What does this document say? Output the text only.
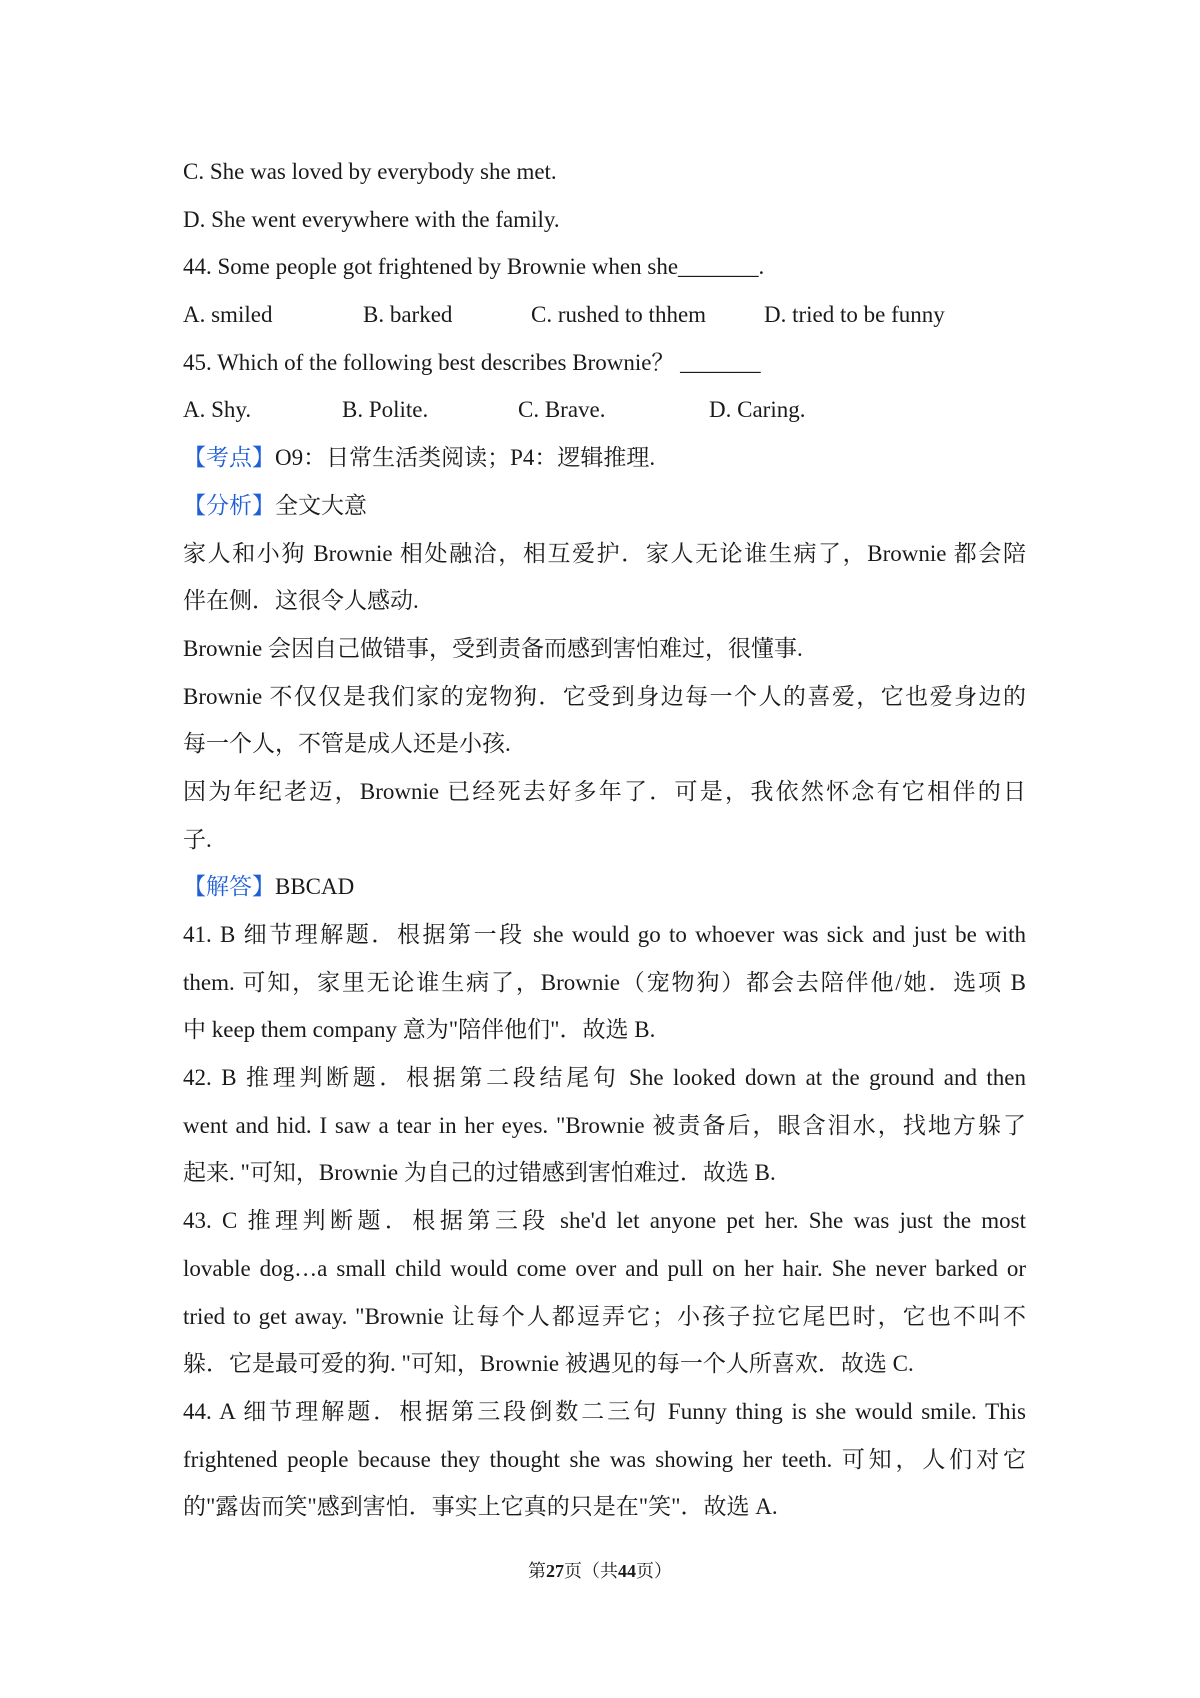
C. She was loved by everybody she met.
D. She went everywhere with the family.
44. Some people got frightened by Brownie when she_______.
A. smiled	B. barked	C. rushed to thhem	D. tried to be funny
45. Which of the following best describes Brownie？ _______
A. Shy.	B. Polite.	C. Brave.	D. Caring.
【考点】O9：日常生活类阅读；P4：逻辑推理.
【分析】全文大意
家人和小狗 Brownie 相处融洽，相互爱护．家人无论谁生病了，Brownie 都会陪
伴在侧．这很令人感动.
Brownie 会因自己做错事，受到责备而感到害怕难过，很懂事.
Brownie 不仅仅是我们家的宠物狗．它受到身边每一个人的喜爱，它也爱身边的
每一个人，不管是成人还是小孩.
因为年纪老迈，Brownie 已经死去好多年了．可是，我依然怀念有它相伴的日
子.
【解答】BBCAD
41. B 细节理解题．根据第一段 she would go to whoever was sick and just be with
them. 可知，家里无论谁生病了，Brownie（宠物狗）都会去陪伴他/她．选项 B
中 keep them company 意为"陪伴他们"．故选 B.
42. B 推理判断题．根据第二段结尾句 She looked down at the ground and then
went and hid. I saw a tear in her eyes. "Brownie 被责备后，眼含泪水，找地方躲了
起来. "可知，Brownie 为自己的过错感到害怕难过．故选 B.
43. C 推理判断题．根据第三段 she'd let anyone pet her. She was just the most
lovable dog…a small child would come over and pull on her hair. She never barked or
tried to get away. "Brownie 让每个人都逗弄它；小孩子拉它尾巴时，它也不叫不
躲．它是最可爱的狗. "可知，Brownie 被遇见的每一个人所喜欢．故选 C.
44. A 细节理解题．根据第三段倒数二三句 Funny thing is she would smile. This
frightened people because they thought she was showing her teeth. 可知，人们对它
的"露齿而笑"感到害怕．事实上它真的只是在"笑"．故选 A.
第27页（共44页）
